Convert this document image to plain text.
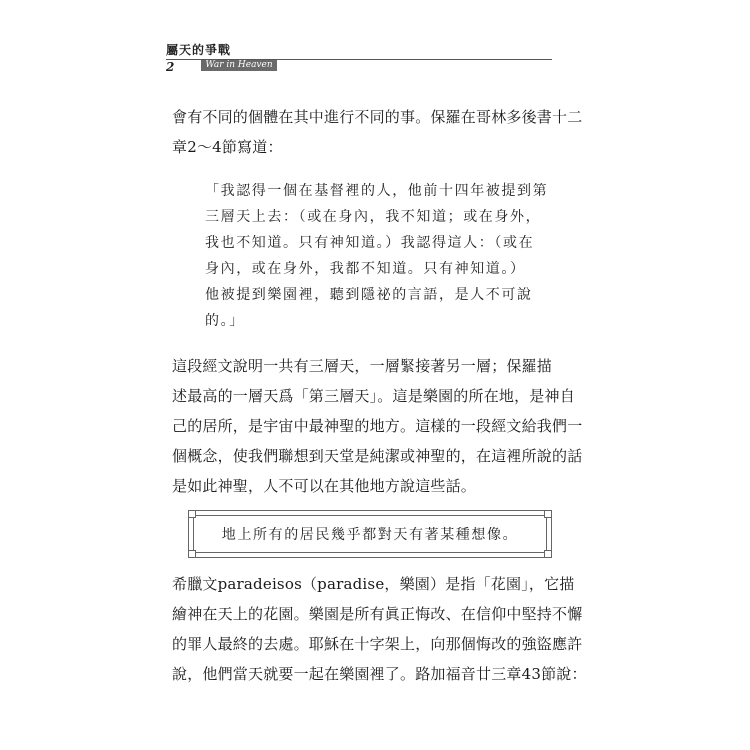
屬天的爭戰
2	War in Heaven
會有不同的個體在其中進行不同的事。保羅在哥林多後書十二
章2～4節寫道：
「我認得一個在基督裡的人，他前十四年被提到第
三層天上去：（或在身內，我不知道；或在身外，
我也不知道。只有神知道。）我認得這人：（或在
身內，或在身外，我都不知道。只有神知道。）
他被提到樂園裡，聽到隱祕的言語，是人不可說
的。」
這段經文說明一共有三層天，一層緊接著另一層；保羅描
述最高的一層天爲「第三層天」。這是樂園的所在地，是神自
己的居所，是宇宙中最神聖的地方。這樣的一段經文給我們一
個概念，使我們聯想到天堂是純潔或神聖的，在這裡所說的話
是如此神聖，人不可以在其他地方說這些話。
地上所有的居民幾乎都對天有著某種想像。
希臘文paradeisos（paradise，樂園）是指「花園」，它描
繪神在天上的花園。樂園是所有眞正悔改、在信仰中堅持不懈
的罪人最終的去處。耶穌在十字架上，向那個悔改的強盜應許
說，他們當天就要一起在樂園裡了。路加福音廿三章43節說：
